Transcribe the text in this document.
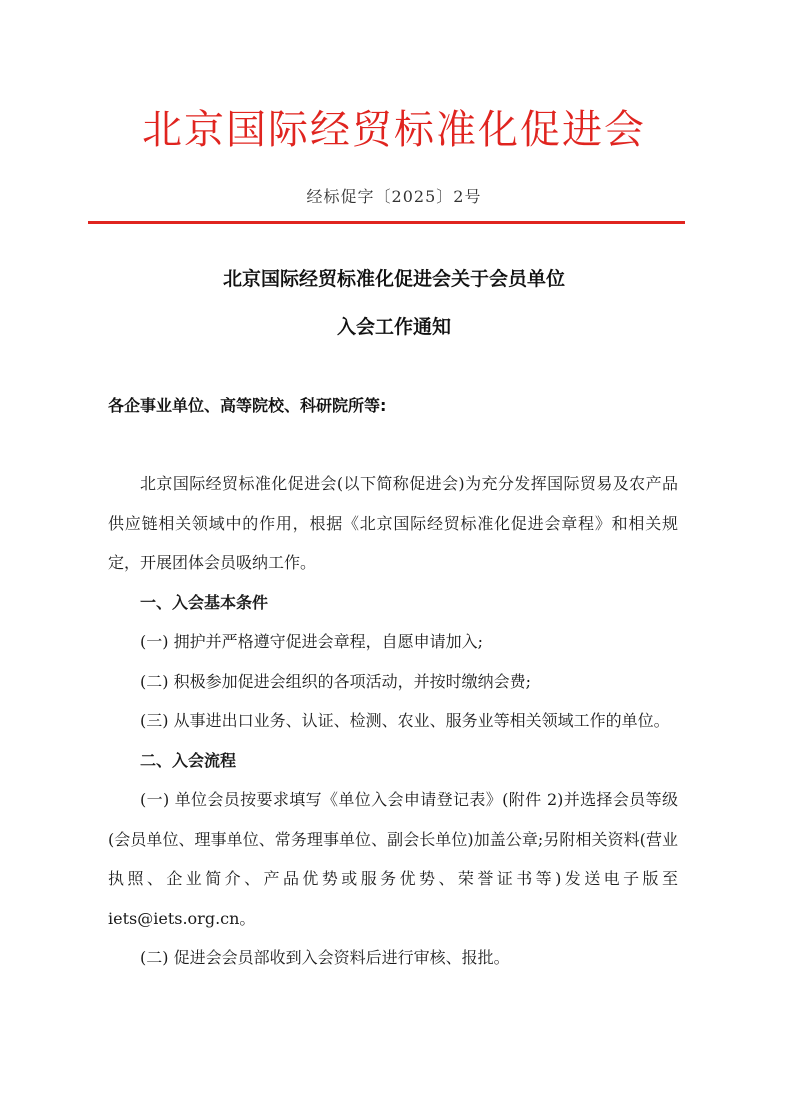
北京国际经贸标准化促进会
经标促字〔2025〕2号
北京国际经贸标准化促进会关于会员单位
入会工作通知
各企事业单位、高等院校、科研院所等:

北京国际经贸标准化促进会(以下简称促进会)为充分发挥国际贸易及农产品供应链相关领域中的作用，根据《北京国际经贸标准化促进会章程》和相关规定，开展团体会员吸纳工作。

一、入会基本条件

(一) 拥护并严格遵守促进会章程，自愿申请加入;

(二) 积极参加促进会组织的各项活动，并按时缴纳会费;

(三) 从事进出口业务、认证、检测、农业、服务业等相关领域工作的单位。

二、入会流程

(一) 单位会员按要求填写《单位入会申请登记表》(附件 2)并选择会员等级(会员单位、理事单位、常务理事单位、副会长单位)加盖公章;另附相关资料(营业执照、企业简介、产品优势或服务优势、荣誉证书等)发送电子版至 iets@iets.org.cn。

(二) 促进会会员部收到入会资料后进行审核、报批。
